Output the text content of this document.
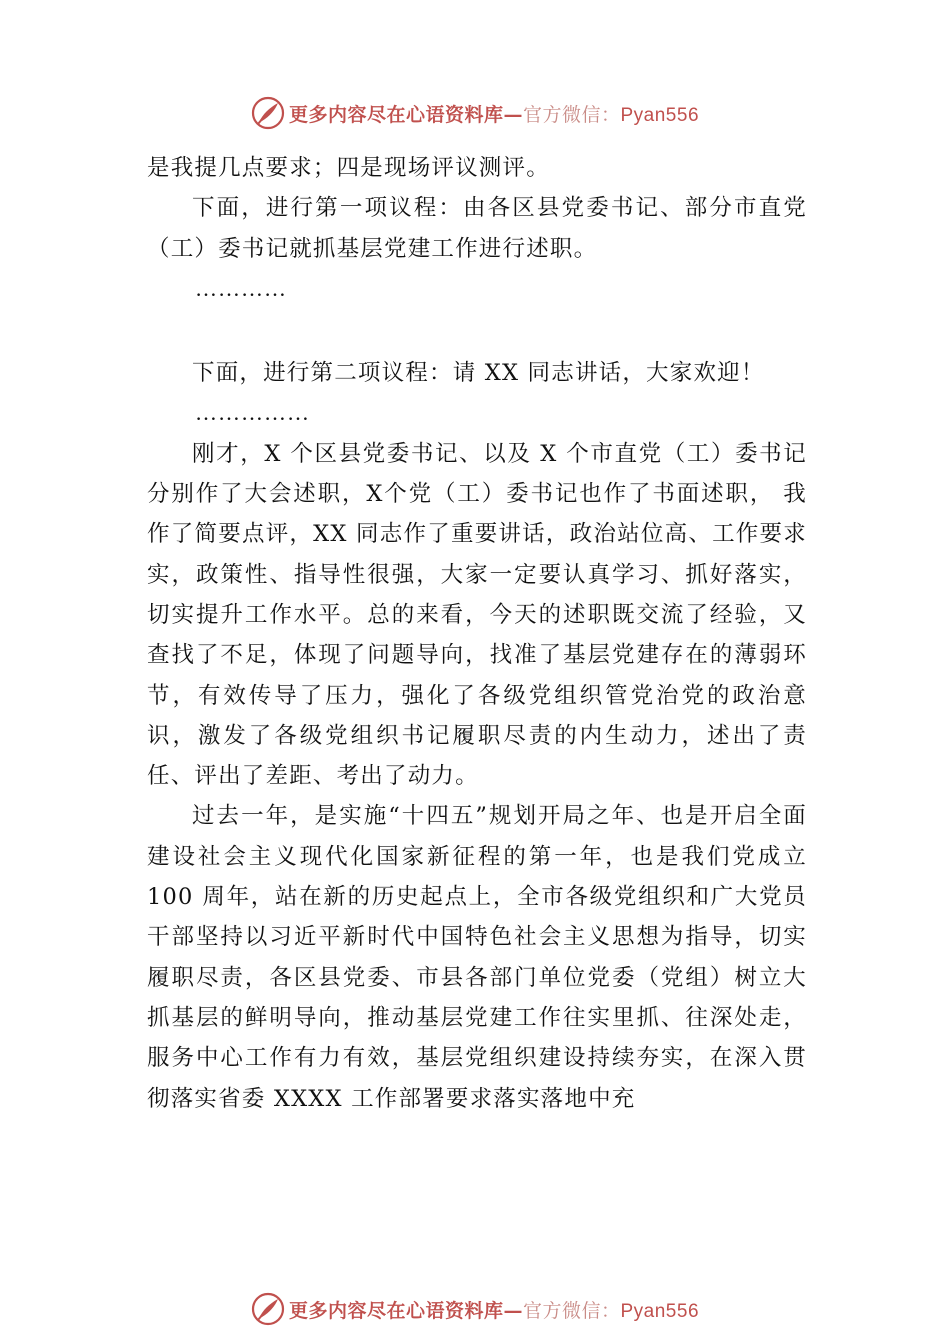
更多内容尽在心语资料库—官方微信：Pyan556

是我提几点要求；四是现场评议测评。

下面，进行第一项议程：由各区县党委书记、部分市直党（工）委书记就抓基层党建工作进行述职。

…………

下面，进行第二项议程：请 XX 同志讲话，大家欢迎！

……………

刚才，X 个区县党委书记、以及 X 个市直党（工）委书记分别作了大会述职，X个党（工）委书记也作了书面述职， 我作了简要点评，XX 同志作了重要讲话，政治站位高、工作要求实，政策性、指导性很强，大家一定要认真学习、抓好落实，切实提升工作水平。总的来看，今天的述职既交流了经验，又查找了不足，体现了问题导向，找准了基层党建存在的薄弱环节，有效传导了压力，强化了各级党组织管党治党的政治意识，激发了各级党组织书记履职尽责的内生动力，述出了责任、评出了差距、考出了动力。

过去一年，是实施“十四五”规划开局之年、也是开启全面建设社会主义现代化国家新征程的第一年，也是我们党成立 100 周年，站在新的历史起点上，全市各级党组织和广大党员干部坚持以习近平新时代中国特色社会主义思想为指导，切实履职尽责，各区县党委、市县各部门单位党委（党组）树立大抓基层的鲜明导向，推动基层党建工作往实里抓、往深处走，服务中心工作有力有效，基层党组织建设持续夯实，在深入贯彻落实省委 XXXX 工作部署要求落实落地中充

更多内容尽在心语资料库—官方微信：Pyan556
